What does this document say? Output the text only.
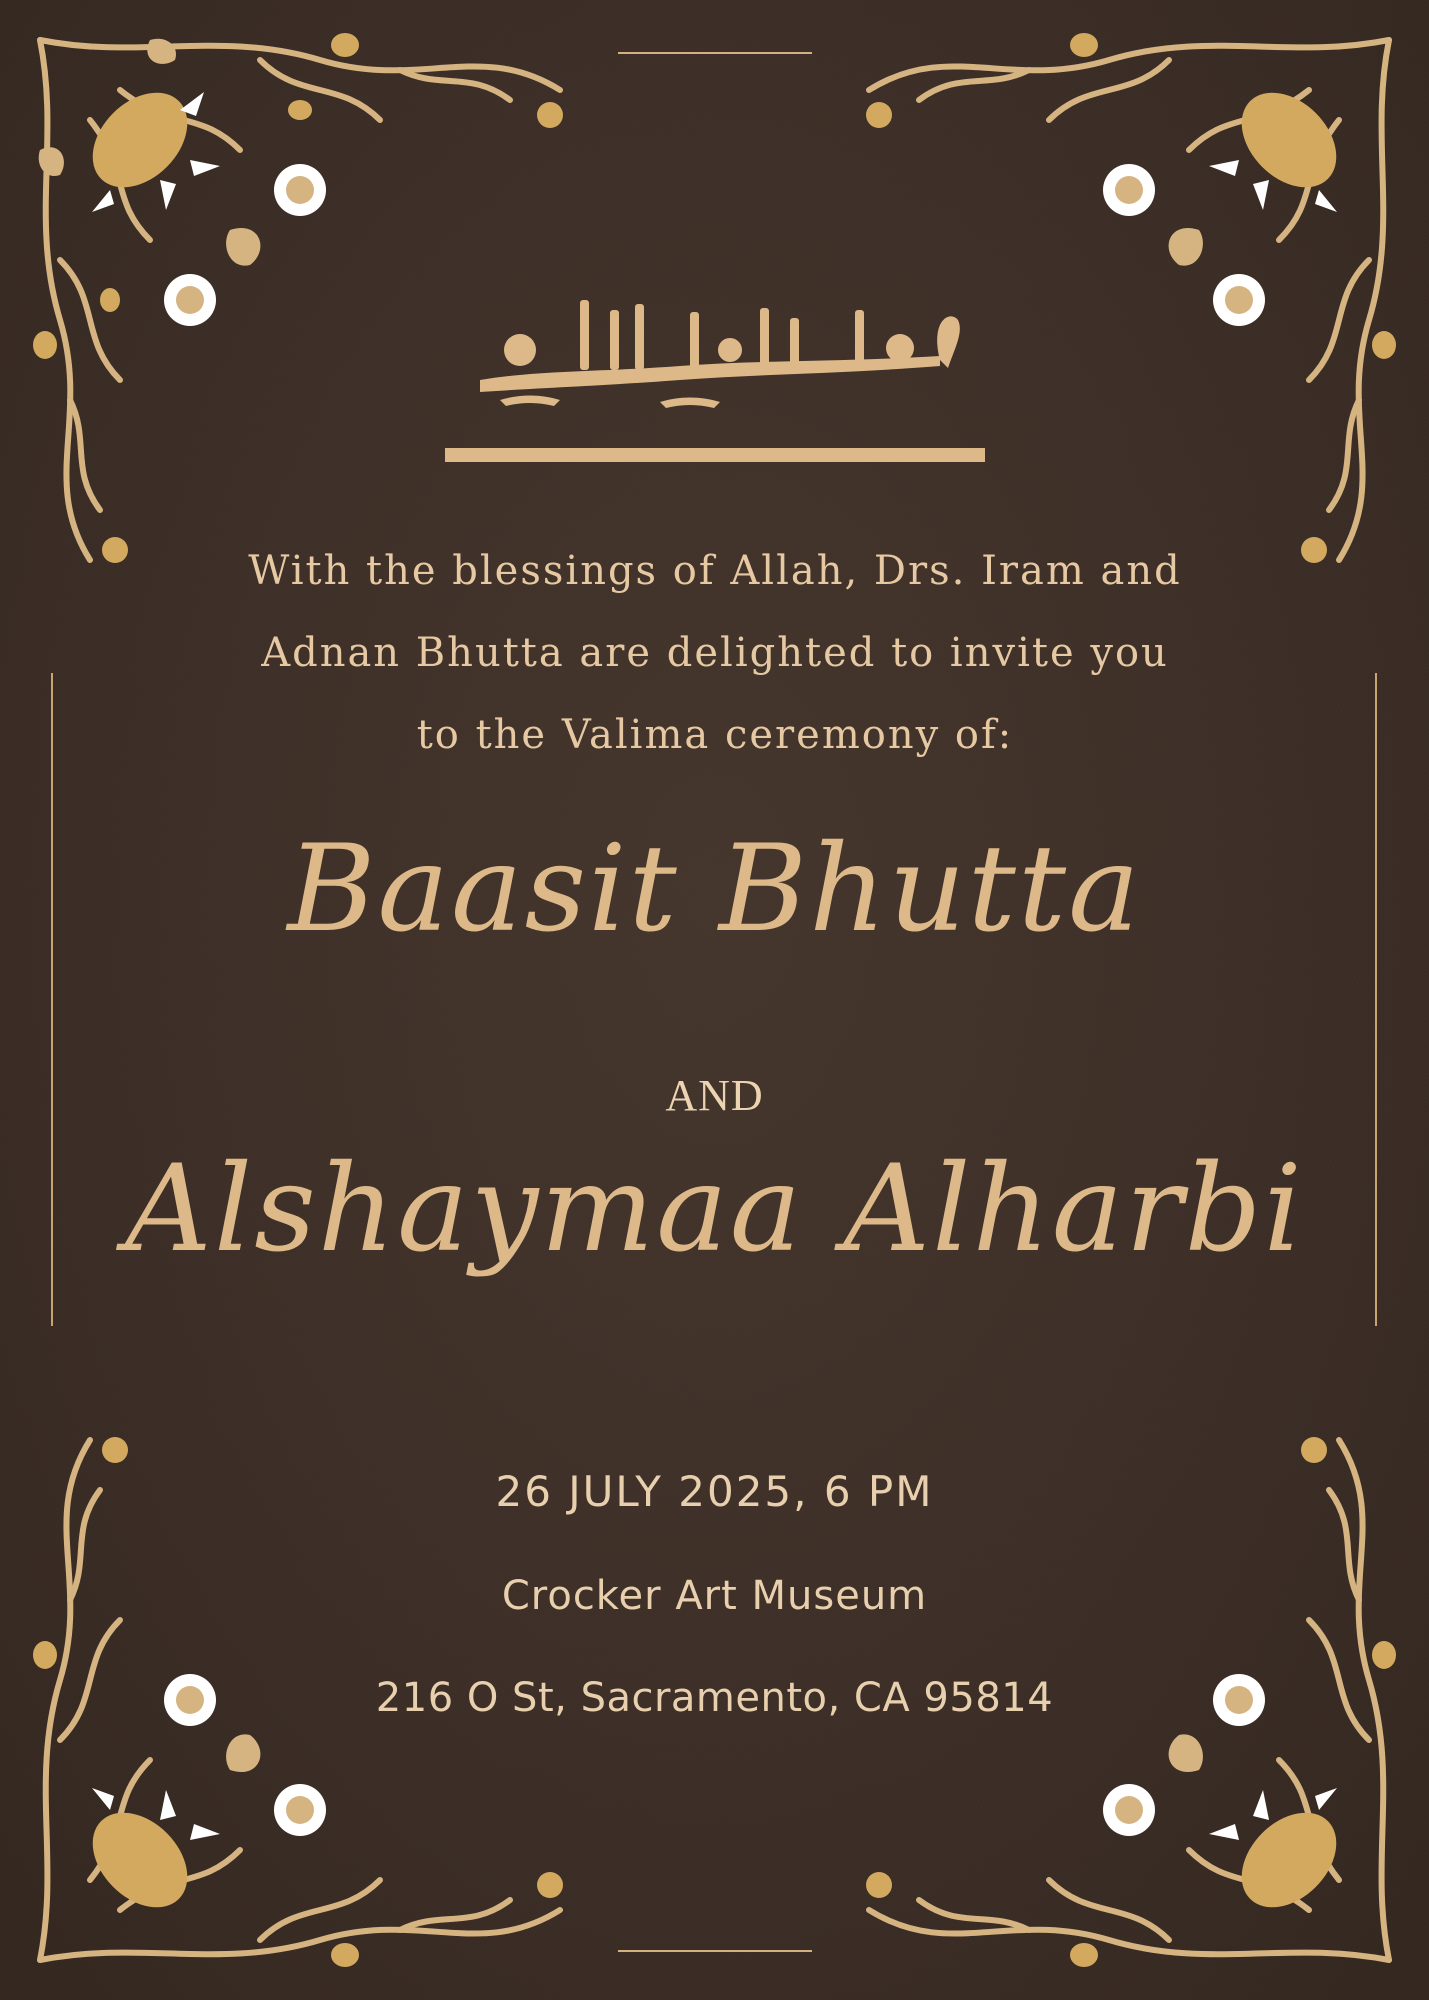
With the blessings of Allah, Drs. Iram and
Adnan Bhutta are delighted to invite you
to the Valima ceremony of:
Baasit Bhutta
AND
Alshaymaa Alharbi
26 JULY 2025, 6 PM
Crocker Art Museum
216 O St, Sacramento, CA 95814
